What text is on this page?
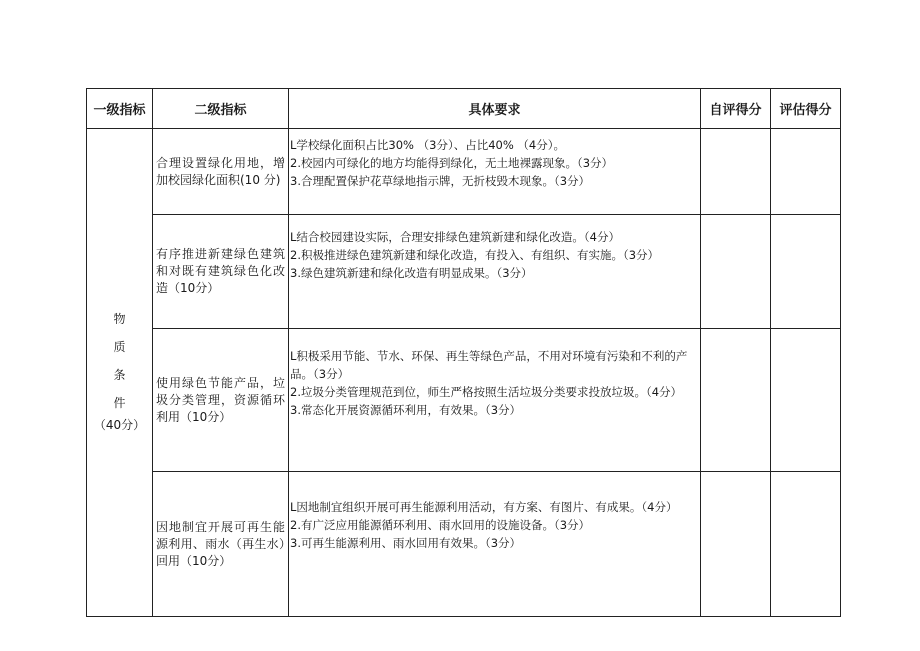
一级指标	二级指标	具体要求	自评得分	评估得分

物
质
条
件
（40分）	合理设置绿化用地，增加校园绿化面积(10 分)	L学校绿化面积占比30% （3分）、占比40% （4分）。
2.校园内可绿化的地方均能得到绿化，无土地裸露现象。（3分）
3.合理配置保护花草绿地指示牌，无折枝毁木现象。（3分）		

	有序推进新建绿色建筑和对既有建筑绿色化改造（10分）	L结合校园建设实际，合理安排绿色建筑新建和绿化改造。（4分）
2.积极推进绿色建筑新建和绿化改造，有投入、有组织、有实施。（3分）
3.绿色建筑新建和绿化改造有明显成果。（3分）		

	使用绿色节能产品，垃圾分类管理，资源循环利用（10分）	L积极采用节能、节水、环保、再生等绿色产品，不用对环境有污染和不利的产品。（3分）
2.垃圾分类管理规范到位，师生严格按照生活垃圾分类要求投放垃圾。（4分）
3.常态化开展资源循环利用，有效果。（3分）		

	因地制宜开展可再生能源利用、雨水（再生水）回用（10分）	L因地制宜组织开展可再生能源利用活动，有方案、有图片、有成果。（4分）
2.有广泛应用能源循环利用、雨水回用的设施设备。（3分）
3.可再生能源利用、雨水回用有效果。（3分）		
